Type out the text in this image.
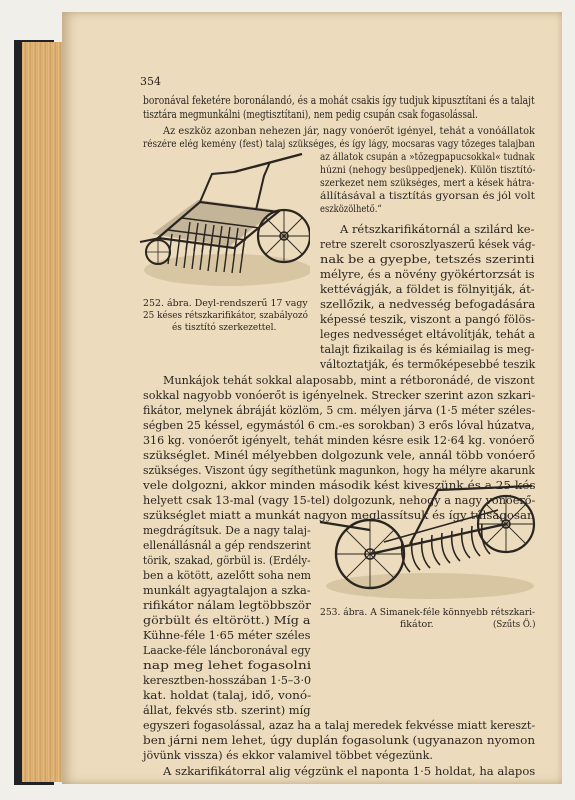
354
boronával feketére boronálandó, és a mohát csakis így tudjuk kipusztítani és a talajt
tisztára megmunkálni (megtisztítani), nem pedig csupán csak fogasolással.
Az eszköz azonban nehezen jár, nagy vonóerőt igényel, tehát a vonóállatok
részére elég kemény (fest) talaj szükséges, és így lágy, mocsaras vagy tőzeges talajban
az állatok csupán a »tőzegpapucsokkal« tudnak
húzni (nehogy besüppedjenek). Külön tisztító-
szerkezet nem szükséges, mert a kések hátra-
állításával a tisztítás gyorsan és jól volt
eszközölhető.“
A rétszkarifikátornál a szilárd ke-
retre szerelt csoroszlyaszerű kések vág-
nak be a gyepbe, tetszés szerinti
mélyre, és a növény gyökértorzsát is
kettévágják, a földet is fölnyitják, át-
szellőzik, a nedvesség befogadására
képessé teszik, viszont a pangó fölös-
leges nedvességet eltávolítják, tehát a
talajt fizikailag is és kémiailag is meg-
változtatják, és termőképesebbé teszik
Munkájok tehát sokkal alaposabb, mint a rétboronádé, de viszont
sokkal nagyobb vonóerőt is igényelnek. Strecker szerint azon szkari-
fikátor, melynek ábráját közlöm, 5 cm. mélyen járva (1·5 méter széles-
ségben 25 késsel, egymástól 6 cm.-es sorokban) 3 erős lóval húzatva,
316 kg. vonóerőt igényelt, tehát minden késre esik 12·64 kg. vonóerő
szükséglet. Minél mélyebben dolgozunk vele, annál több vonóerő
szükséges. Viszont úgy segíthetünk magunkon, hogy ha mélyre akarunk
vele dolgozni, akkor minden második kést kiveszünk és a 25 kés
helyett csak 13-mal (vagy 15-tel) dolgozunk, nehogy a nagy vonóerő-
szükséglet miatt a munkát nagyon meglassítsuk és így túlságosan
megdrágítsuk. De a nagy talaj-
ellenállásnál a gép rendszerint
törik, szakad, görbül is. (Erdély-
ben a kötött, azelőtt soha nem
munkált agyagtalajon a szka-
rifikátor nálam legtöbbször
görbült és eltörött.) Míg a
Kühne-féle 1·65 méter széles
Laacke-féle láncboronával egy
nap meg lehet fogasolni
keresztben-hosszában 1·5–3·0
kat. holdat (talaj, idő, vonó-
állat, fekvés stb. szerint) míg
egyszeri fogasolással, azaz ha a talaj meredek fekvésse miatt kereszt-
ben járni nem lehet, úgy duplán fogasolunk (ugyanazon nyomon
jövünk vissza) és ekkor valamivel többet végezünk.
A szkarifikátorral alig végzünk el naponta 1·5 holdat, ha alapos
252. ábra. Deyl-rendszerű 17 vagy
25 késes rétszkarifikátor, szabályozó
és tisztító szerkezettel.
253. ábra. A Simanek-féle könnyebb rétszkari-
fikátor.	(Szűts Ö.)
